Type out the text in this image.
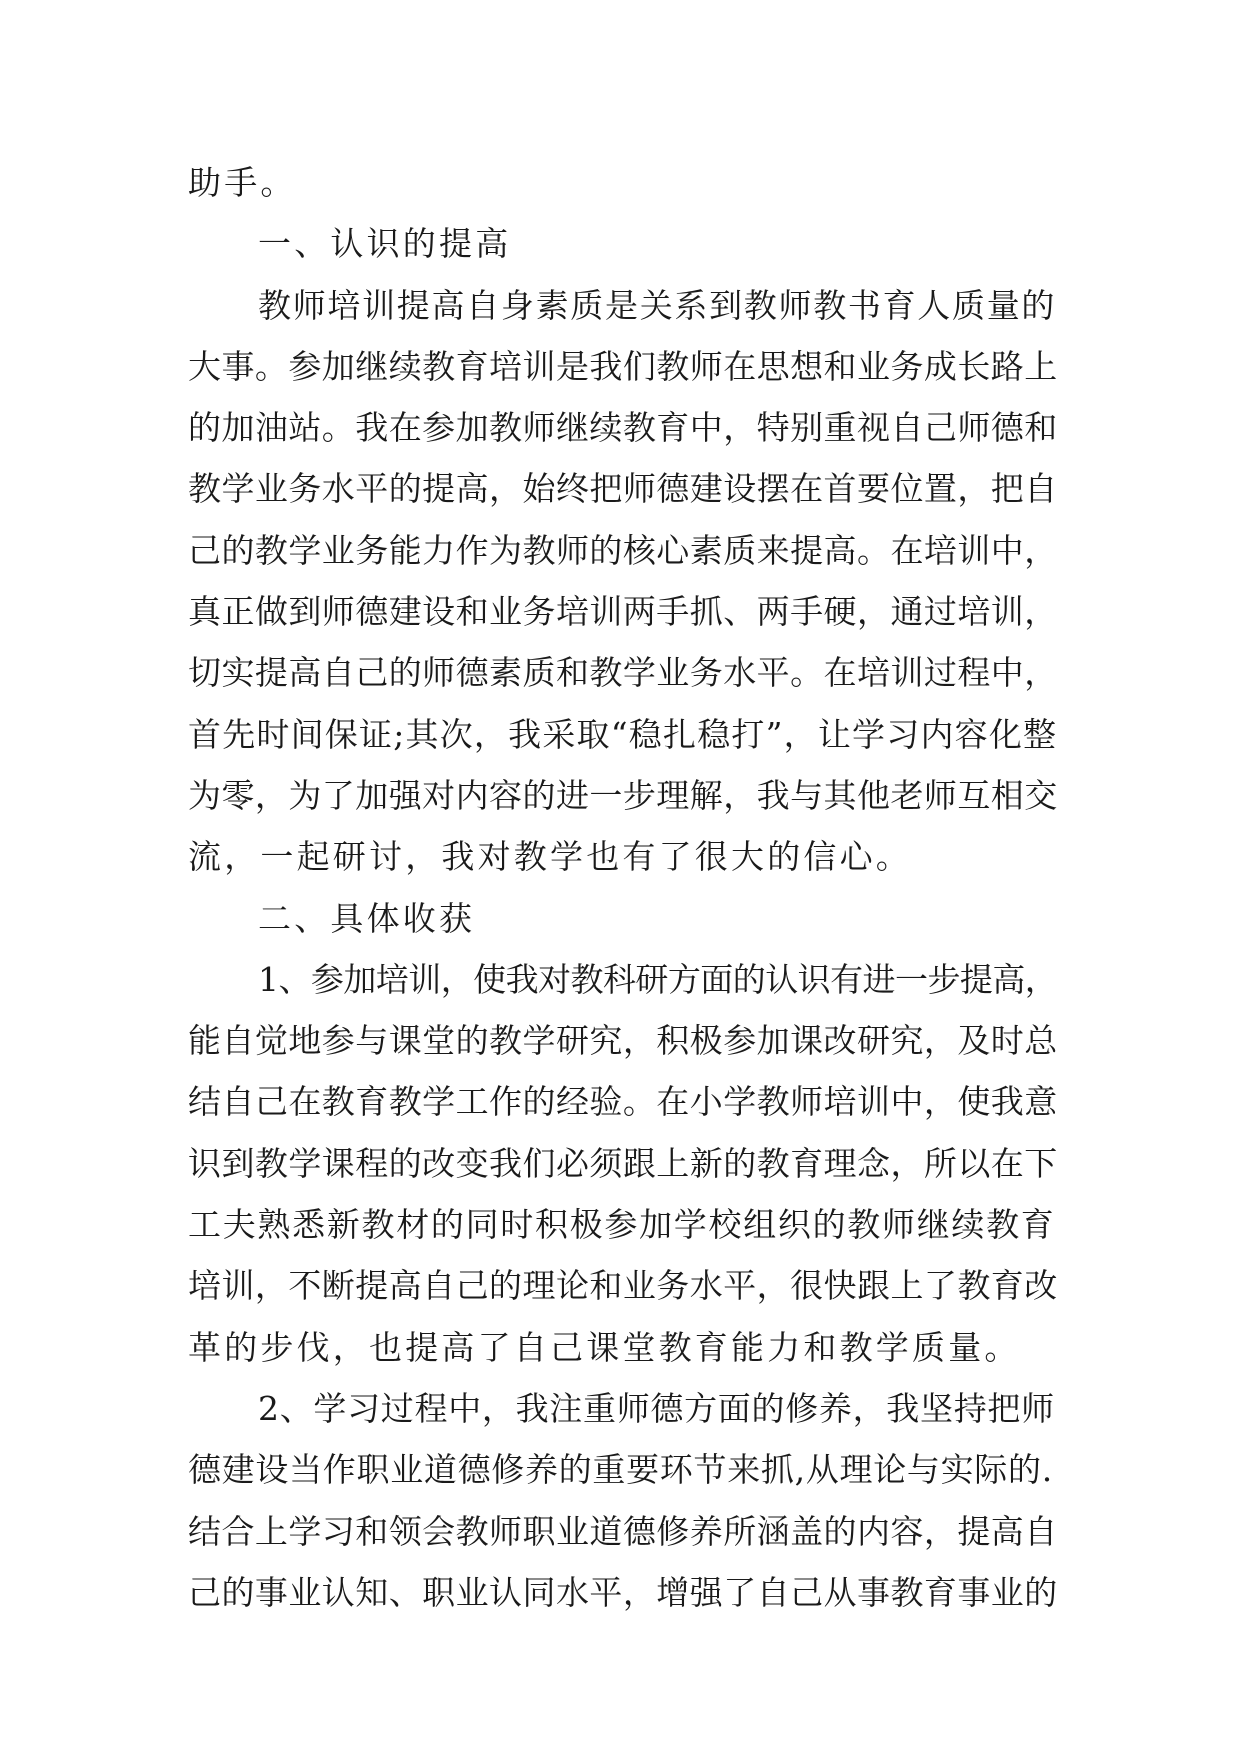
助手。
一、认识的提高
教师培训提高自身素质是关系到教师教书育人质量的
大事。参加继续教育培训是我们教师在思想和业务成长路上
的加油站。我在参加教师继续教育中，特别重视自己师德和
教学业务水平的提高，始终把师德建设摆在首要位置，把自
己的教学业务能力作为教师的核心素质来提高。在培训中，
真正做到师德建设和业务培训两手抓、两手硬，通过培训，
切实提高自己的师德素质和教学业务水平。在培训过程中，
首先时间保证;其次，我采取“稳扎稳打”，让学习内容化整
为零，为了加强对内容的进一步理解，我与其他老师互相交
流，一起研讨，我对教学也有了很大的信心。
二、具体收获
1、参加培训，使我对教科研方面的认识有进一步提高，
能自觉地参与课堂的教学研究，积极参加课改研究，及时总
结自己在教育教学工作的经验。在小学教师培训中，使我意
识到教学课程的改变我们必须跟上新的教育理念，所以在下
工夫熟悉新教材的同时积极参加学校组织的教师继续教育
培训，不断提高自己的理论和业务水平，很快跟上了教育改
革的步伐，也提高了自己课堂教育能力和教学质量。
2、学习过程中，我注重师德方面的修养，我坚持把师
德建设当作职业道德修养的重要环节来抓,从理论与实际的.
结合上学习和领会教师职业道德修养所涵盖的内容，提高自
己的事业认知、职业认同水平，增强了自己从事教育事业的
